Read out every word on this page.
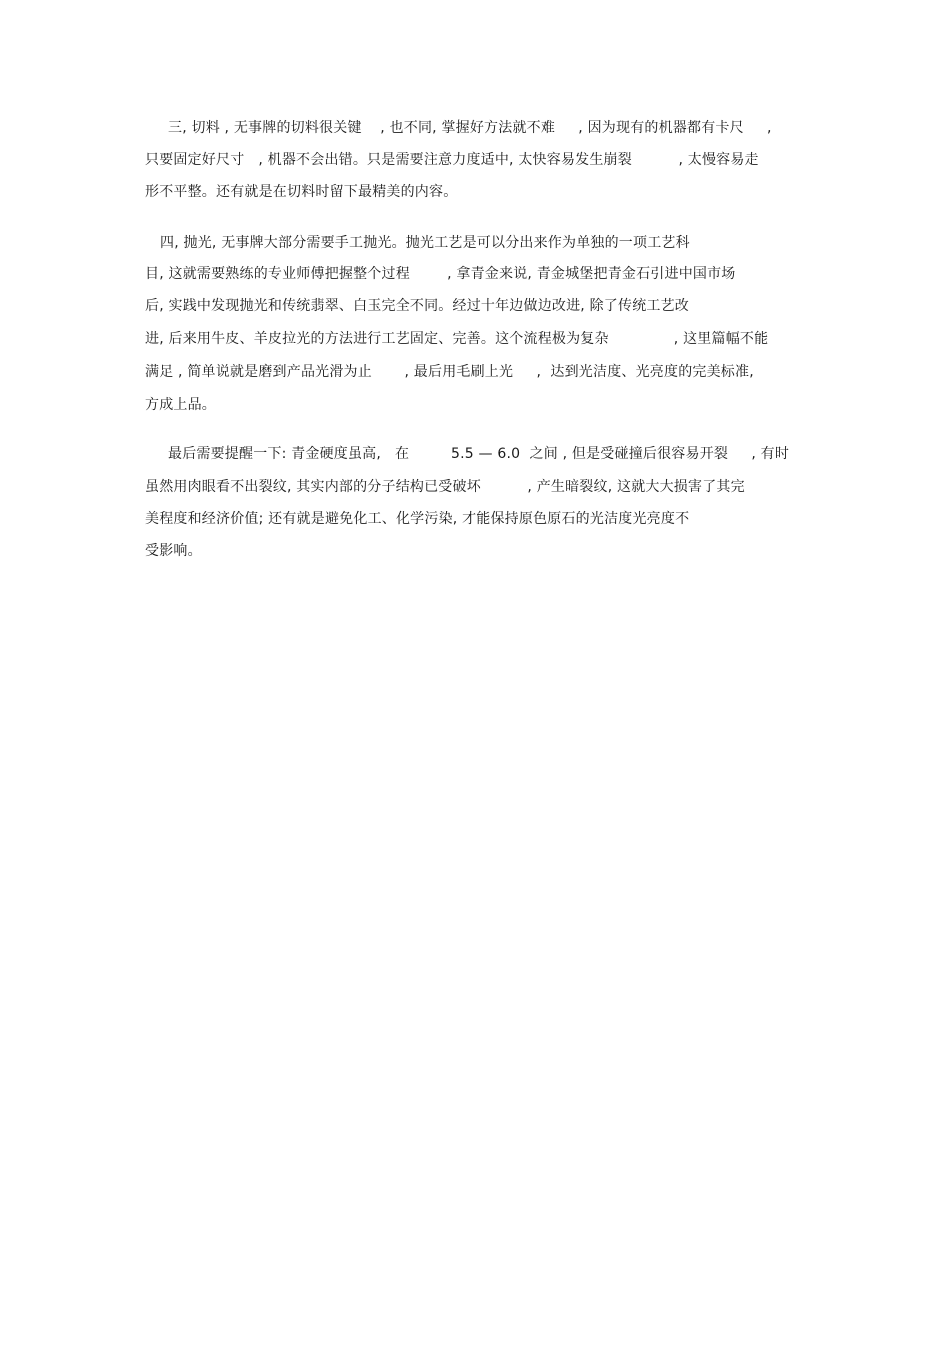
三, 切料 , 无事牌的切料很关键    , 也不同, 掌握好方法就不难     , 因为现有的机器都有卡尺     ,
只要固定好尺寸   , 机器不会出错。只是需要注意力度适中, 太快容易发生崩裂          , 太慢容易走
形不平整。还有就是在切料时留下最精美的内容。
四, 抛光, 无事牌大部分需要手工抛光。抛光工艺是可以分出来作为单独的一项工艺科
目, 这就需要熟练的专业师傅把握整个过程        , 拿青金来说, 青金城堡把青金石引进中国市场
后, 实践中发现抛光和传统翡翠、白玉完全不同。经过十年边做边改进, 除了传统工艺改
进, 后来用牛皮、羊皮拉光的方法进行工艺固定、完善。这个流程极为复杂              , 这里篇幅不能
满足 , 简单说就是磨到产品光滑为止       , 最后用毛刷上光     ,  达到光洁度、光亮度的完美标准,
方成上品。
最后需要提醒一下: 青金硬度虽高,   在         5.5 — 6.0  之间 , 但是受碰撞后很容易开裂     , 有时
虽然用肉眼看不出裂纹, 其实内部的分子结构已受破坏          , 产生暗裂纹, 这就大大损害了其完
美程度和经济价值; 还有就是避免化工、化学污染, 才能保持原色原石的光洁度光亮度不
受影响。
